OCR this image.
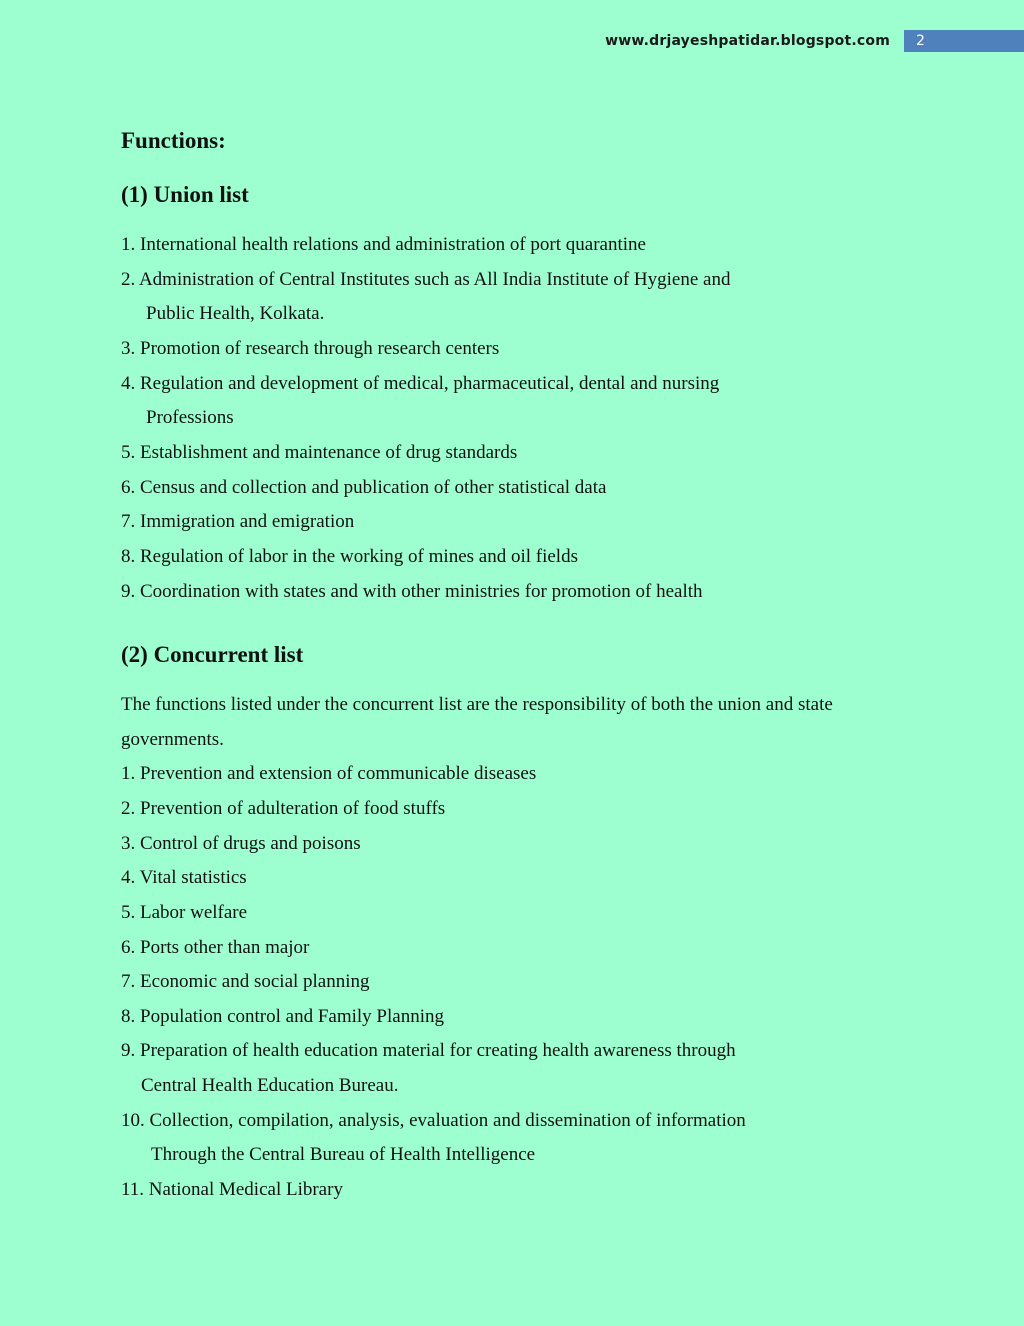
www.drjayeshpatidar.blogspot.com	2
Functions:
(1) Union list
1. International health relations and administration of port quarantine
2. Administration of Central Institutes such as All India Institute of Hygiene and
Public Health, Kolkata.
3. Promotion of research through research centers
4. Regulation and development of medical, pharmaceutical, dental and nursing
Professions
5. Establishment and maintenance of drug standards
6. Census and collection and publication of other statistical data
7. Immigration and emigration
8. Regulation of labor in the working of mines and oil fields
9. Coordination with states and with other ministries for promotion of health
(2) Concurrent list
The functions listed under the concurrent list are the responsibility of both the union and state
governments.
1. Prevention and extension of communicable diseases
2. Prevention of adulteration of food stuffs
3. Control of drugs and poisons
4. Vital statistics
5. Labor welfare
6. Ports other than major
7. Economic and social planning
8. Population control and Family Planning
9. Preparation of health education material for creating health awareness through
Central Health Education Bureau.
10. Collection, compilation, analysis, evaluation and dissemination of information
Through the Central Bureau of Health Intelligence
11. National Medical Library
